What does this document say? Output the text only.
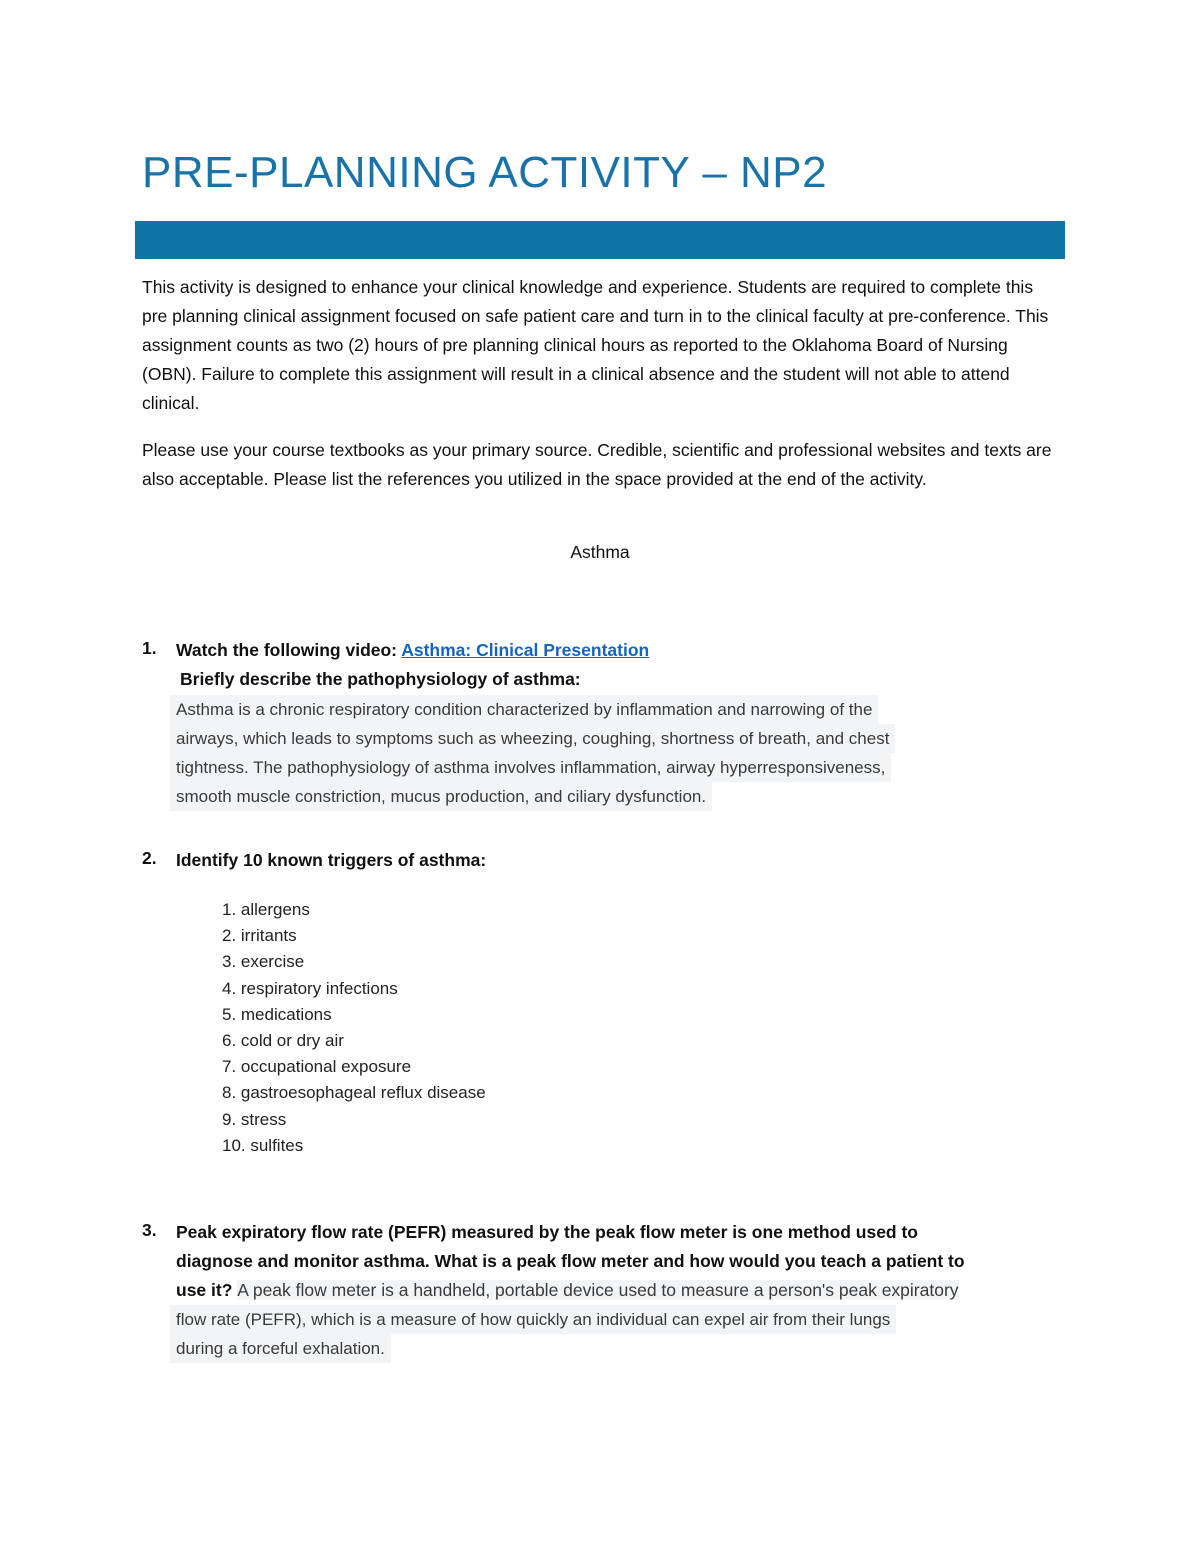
PRE-PLANNING ACTIVITY – NP2

This activity is designed to enhance your clinical knowledge and experience. Students are required to complete this pre planning clinical assignment focused on safe patient care and turn in to the clinical faculty at pre-conference. This assignment counts as two (2) hours of pre planning clinical hours as reported to the Oklahoma Board of Nursing (OBN). Failure to complete this assignment will result in a clinical absence and the student will not able to attend clinical.

Please use your course textbooks as your primary source. Credible, scientific and professional websites and texts are also acceptable. Please list the references you utilized in the space provided at the end of the activity.

Asthma

1. Watch the following video: Asthma: Clinical Presentation

Briefly describe the pathophysiology of asthma:

Asthma is a chronic respiratory condition characterized by inflammation and narrowing of the
airways, which leads to symptoms such as wheezing, coughing, shortness of breath, and chest
tightness. The pathophysiology of asthma involves inflammation, airway hyperresponsiveness,
smooth muscle constriction, mucus production, and ciliary dysfunction.
2. Identify 10 known triggers of asthma:

1. allergens
2. irritants
3. exercise
4. respiratory infections
5. medications
6. cold or dry air
7. occupational exposure
8. gastroesophageal reflux disease
9. stress
10. sulfites
3. Peak expiratory flow rate (PEFR) measured by the peak flow meter is one method used to
diagnose and monitor asthma. What is a peak flow meter and how would you teach a patient to
use it? A peak flow meter is a handheld, portable device used to measure a person's peak expiratory
flow rate (PEFR), which is a measure of how quickly an individual can expel air from their lungs
during a forceful exhalation.
